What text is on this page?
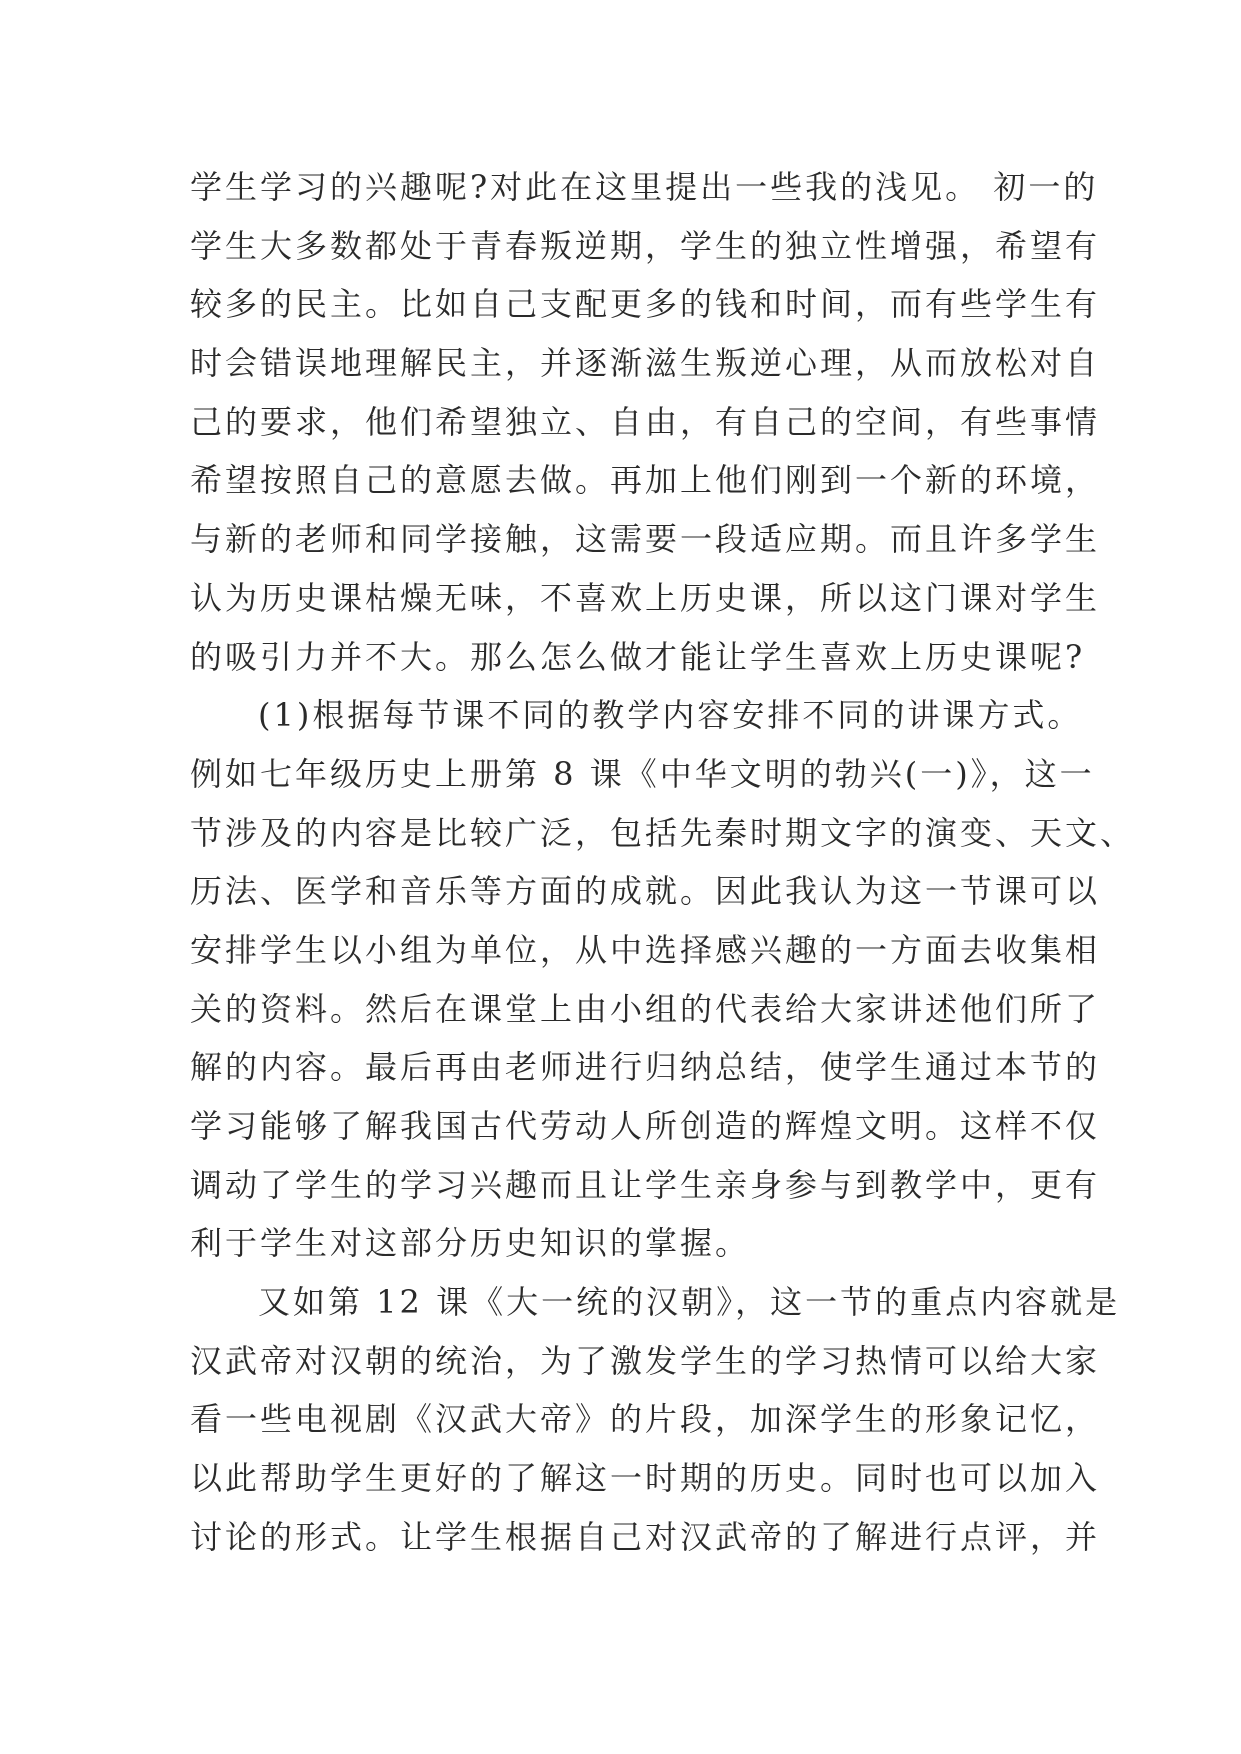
学生学习的兴趣呢?对此在这里提出一些我的浅见。 初一的
学生大多数都处于青春叛逆期，学生的独立性增强，希望有
较多的民主。比如自己支配更多的钱和时间，而有些学生有
时会错误地理解民主，并逐渐滋生叛逆心理，从而放松对自
己的要求，他们希望独立、自由，有自己的空间，有些事情
希望按照自己的意愿去做。再加上他们刚到一个新的环境，
与新的老师和同学接触，这需要一段适应期。而且许多学生
认为历史课枯燥无味，不喜欢上历史课，所以这门课对学生
的吸引力并不大。那么怎么做才能让学生喜欢上历史课呢?
(1)根据每节课不同的教学内容安排不同的讲课方式。
例如七年级历史上册第 8 课《中华文明的勃兴(一)》，这一
节涉及的内容是比较广泛，包括先秦时期文字的演变、天文、
历法、医学和音乐等方面的成就。因此我认为这一节课可以
安排学生以小组为单位，从中选择感兴趣的一方面去收集相
关的资料。然后在课堂上由小组的代表给大家讲述他们所了
解的内容。最后再由老师进行归纳总结，使学生通过本节的
学习能够了解我国古代劳动人所创造的辉煌文明。这样不仅
调动了学生的学习兴趣而且让学生亲身参与到教学中，更有
利于学生对这部分历史知识的掌握。
又如第 12 课《大一统的汉朝》，这一节的重点内容就是
汉武帝对汉朝的统治，为了激发学生的学习热情可以给大家
看一些电视剧《汉武大帝》的片段，加深学生的形象记忆，
以此帮助学生更好的了解这一时期的历史。同时也可以加入
讨论的形式。让学生根据自己对汉武帝的了解进行点评，并
